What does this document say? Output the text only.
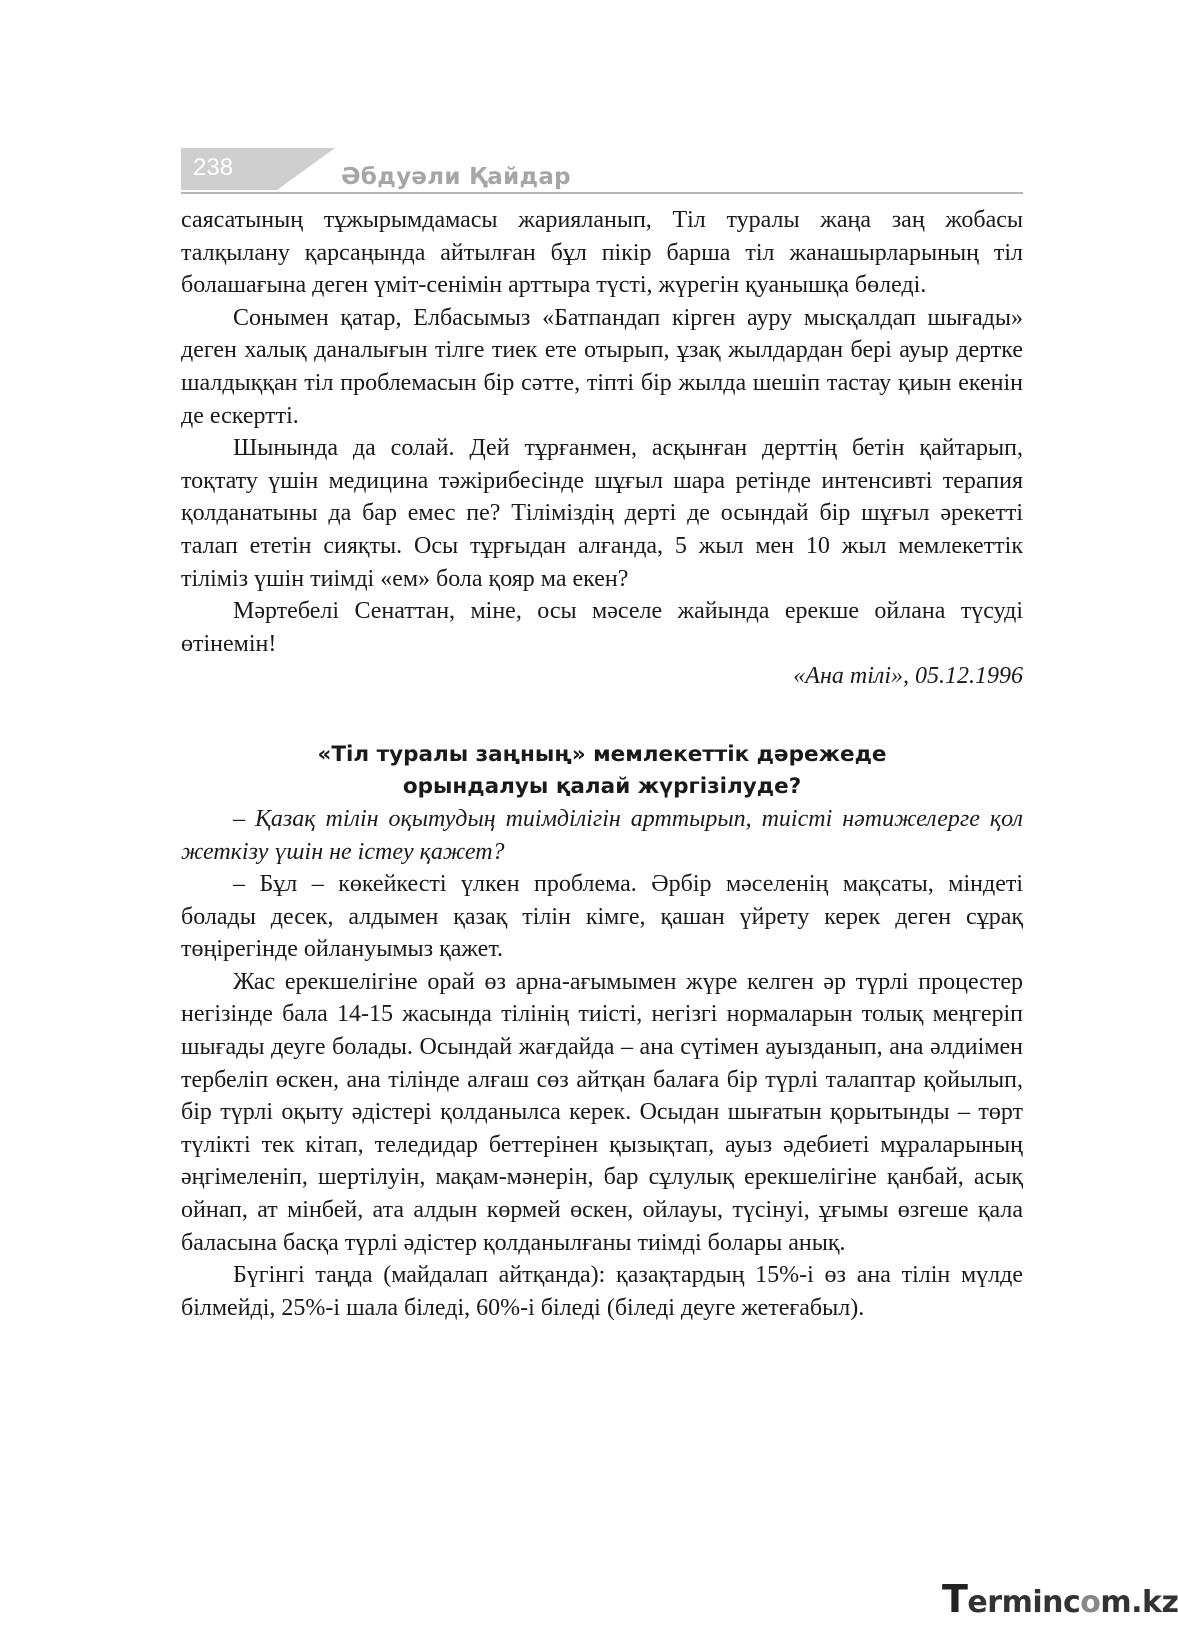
238	Әбдуәли Қайдар

саясатының тұжырымдамасы жарияланып, Тіл туралы жаңа заң жобасы талқылану қарсаңында айтылған бұл пікір барша тіл жанашырларының тіл болашағына деген үміт-сенімін арттыра түсті, жүрегін қуанышқа бөледі.

Сонымен қатар, Елбасымыз «Батпандап кірген ауру мысқалдап шығады» деген халық даналығын тілге тиек ете отырып, ұзақ жылдардан бері ауыр дертке шалдыққан тіл проблемасын бір сәтте, тіпті бір жылда шешіп тастау қиын екенін де ескертті.

Шынында да солай. Дей тұрғанмен, асқынған дерттің бетін қайтарып, тоқтату үшін медицина тәжірибесінде шұғыл шара ретінде интенсивті терапия қолданатыны да бар емес пе? Тіліміздің дерті де осындай бір шұғыл әрекетті талап ететін сияқты. Осы тұрғыдан алғанда, 5 жыл мен 10 жыл мемлекеттік тіліміз үшін тиімді «ем» бола қояр ма екен?

Мәртебелі Сенаттан, міне, осы мәселе жайында ерекше ойлана түсуді өтінемін!

«Ана тілі», 05.12.1996

«Тіл туралы заңның» мемлекеттік дәрежеде
орындалуы қалай жүргізілуде?

– Қазақ тілін оқытудың тиімділігін арттырып, тиісті нәтижелерге қол жеткізу үшін не істеу қажет?

– Бұл – көкейкесті үлкен проблема. Әрбір мәселенің мақсаты, міндеті болады десек, алдымен қазақ тілін кімге, қашан үйрету керек деген сұрақ төңірегінде ойлануымыз қажет.

Жас ерекшелігіне орай өз арна-ағымымен жүре келген әр түрлі процестер негізінде бала 14-15 жасында тілінің тиісті, негізгі нормаларын толық меңгеріп шығады деуге болады. Осындай жағдайда – ана сүтімен ауызданып, ана әлдиімен тербеліп өскен, ана тілінде алғаш сөз айтқан балаға бір түрлі талаптар қойылып, бір түрлі оқыту әдістері қолданылса керек. Осыдан шығатын қорытынды – төрт түлікті тек кітап, теледидар беттерінен қызықтап, ауыз әдебиеті мұраларының әңгімеленіп, шертілуін, мақам-мәнерін, бар сұлулық ерекшелігіне қанбай, асық ойнап, ат мінбей, ата алдын көрмей өскен, ойлауы, түсінуі, ұғымы өзгеше қала баласына басқа түрлі әдістер қолданылғаны тиімді болары анық.

Бүгінгі таңда (майдалап айтқанда): қазақтардың 15%-і өз ана тілін мүлде білмейді, 25%-і шала біледі, 60%-і біледі (біледі деуге жетеғабыл).

Termincom.kz
